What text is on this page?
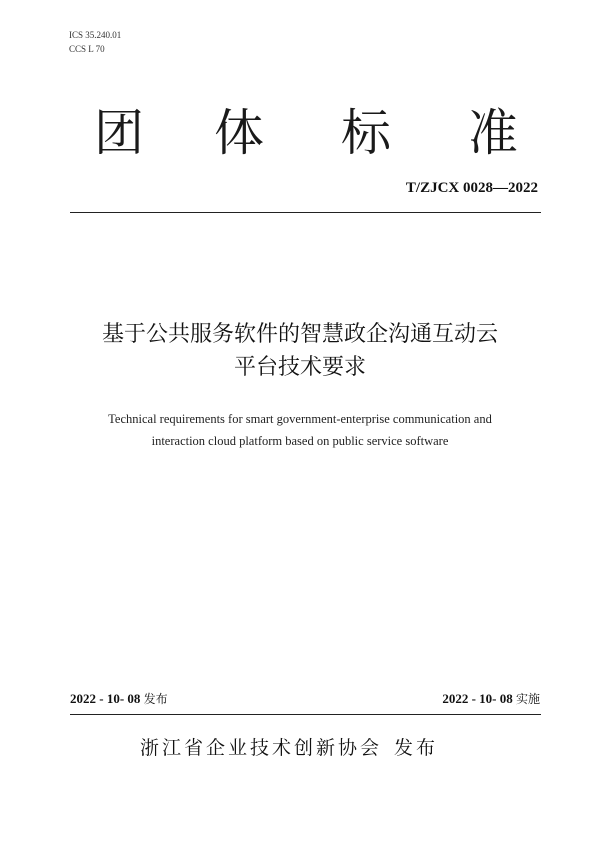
ICS 35.240.01
CCS L 70
团 体 标 准
T/ZJCX 0028—2022
基于公共服务软件的智慧政企沟通互动云
平台技术要求
Technical requirements for smart government-enterprise communication and
interaction cloud platform based on public service software
2022 - 10- 08 发布	2022 - 10- 08 实施
浙江省企业技术创新协会 发布
